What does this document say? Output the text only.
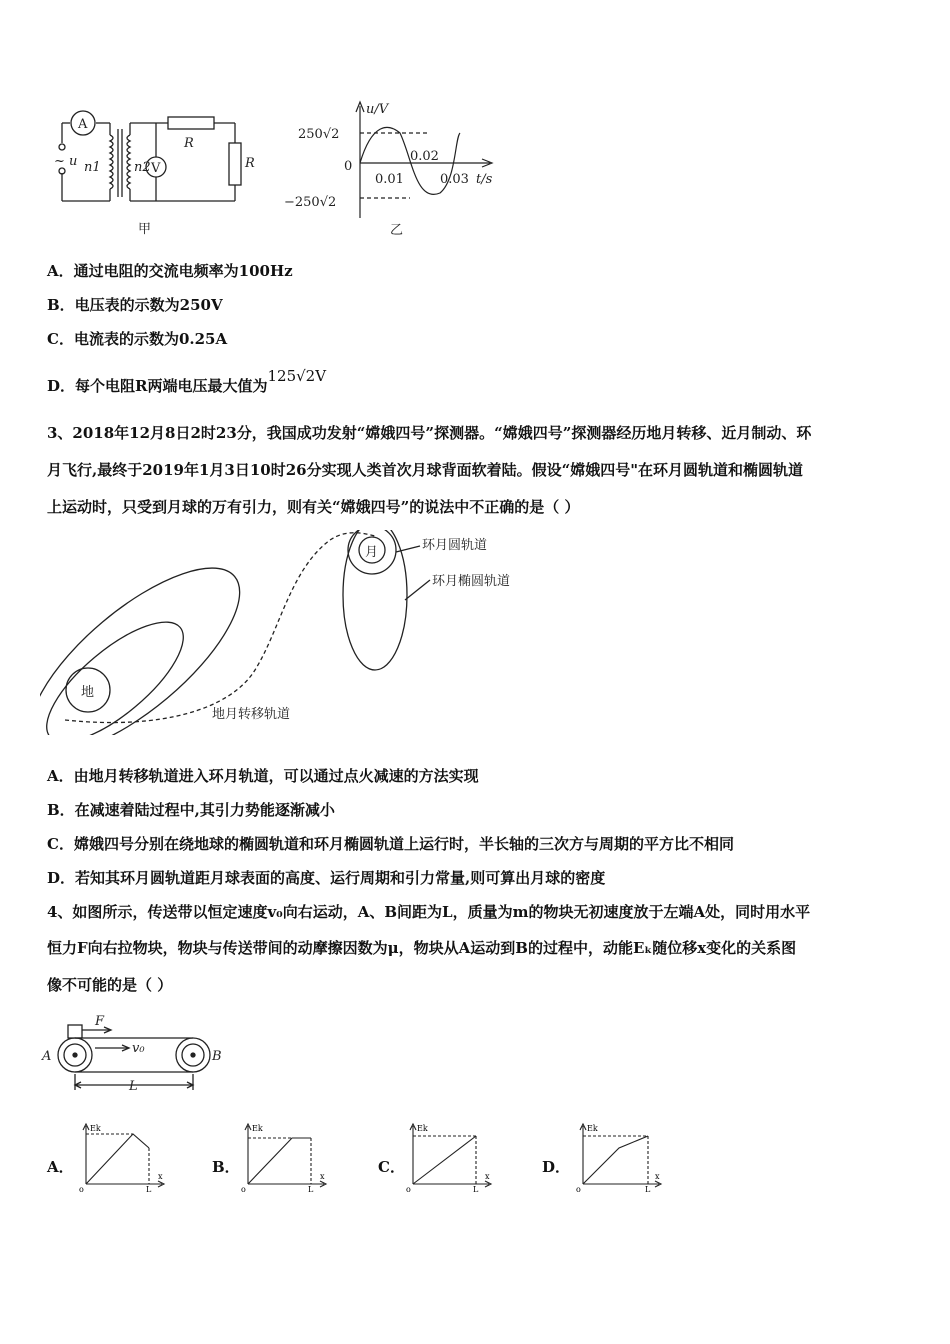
A
V
~ u n1	n2
R
R
甲
u/V
250√2
0
−250√2
0.01
0.02
0.03 t/s
乙
A．通过电阻的交流电频率为100Hz
B．电压表的示数为250V
C．电流表的示数为0.25A
D．每个电阻R两端电压最大值为125√2V
3、2018年12月8日2时23分，我国成功发射“嫦娥四号”探测器。“嫦娥四号”探测器经历地月转移、近月制动、环
月飞行,最终于2019年1月3日10时26分实现人类首次月球背面软着陆。假设“嫦娥四号"在环月圆轨道和椭圆轨道
上运动时，只受到月球的万有引力，则有关“嫦娥四号”的说法中不正确的是（ ）
月
地
环月圆轨道
环月椭圆轨道
地月转移轨道
A．由地月转移轨道进入环月轨道，可以通过点火减速的方法实现
B．在减速着陆过程中,其引力势能逐渐减小
C．嫦娥四号分别在绕地球的椭圆轨道和环月椭圆轨道上运行时，半长轴的三次方与周期的平方比不相同
D．若知其环月圆轨道距月球表面的高度、运行周期和引力常量,则可算出月球的密度
4、如图所示，传送带以恒定速度v₀向右运动，A、B间距为L，质量为m的物块无初速度放于左端A处，同时用水平
恒力F向右拉物块，物块与传送带间的动摩擦因数为μ，物块从A运动到B的过程中，动能Eₖ随位移x变化的关系图
像不可能的是（ ）
A	B
F
v₀
L
A．
Ek
x
o	L
B．
Ek
x
o	L
C．
Ek
x
o	L
D．
Ek
x
o	L
